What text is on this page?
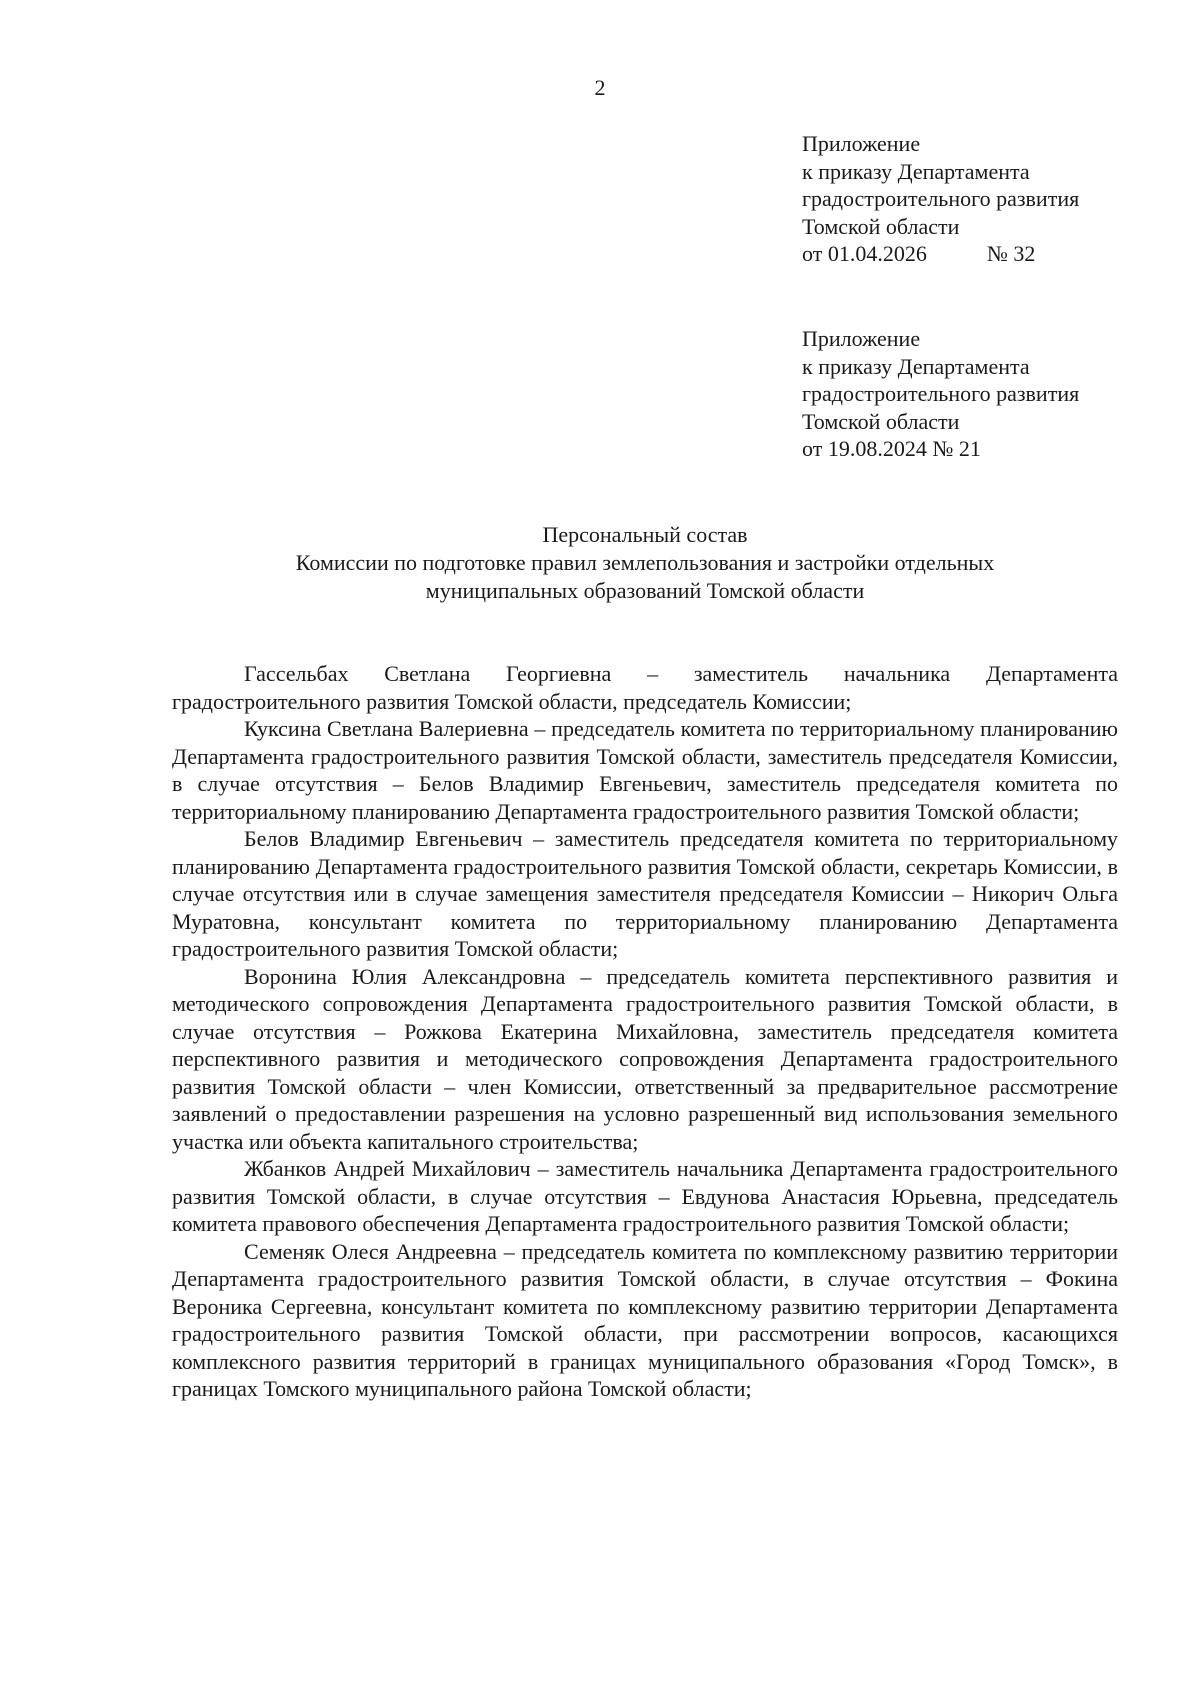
2
Приложение
к приказу Департамента
градостроительного развития
Томской области
от 01.04.2026	№ 32
Приложение
к приказу Департамента
градостроительного развития
Томской области
от 19.08.2024 № 21
Персональный состав
Комиссии по подготовке правил землепользования и застройки отдельных
муниципальных образований Томской области

Гассельбах Светлана Георгиевна – заместитель начальника Департамента градостроительного развития Томской области, председатель Комиссии;

Куксина Светлана Валериевна – председатель комитета по территориальному планированию Департамента градостроительного развития Томской области, заместитель председателя Комиссии, в случае отсутствия – Белов Владимир Евгеньевич, заместитель председателя комитета по территориальному планированию Департамента градостроительного развития Томской области;

Белов Владимир Евгеньевич – заместитель председателя комитета по территориальному планированию Департамента градостроительного развития Томской области, секретарь Комиссии, в случае отсутствия или в случае замещения заместителя председателя Комиссии – Никорич Ольга Муратовна, консультант комитета по территориальному планированию Департамента градостроительного развития Томской области;

Воронина Юлия Александровна – председатель комитета перспективного развития и методического сопровождения Департамента градостроительного развития Томской области, в случае отсутствия – Рожкова Екатерина Михайловна, заместитель председателя комитета перспективного развития и методического сопровождения Департамента градостроительного развития Томской области – член Комиссии, ответственный за предварительное рассмотрение заявлений о предоставлении разрешения на условно разрешенный вид использования земельного участка или объекта капитального строительства;

Жбанков Андрей Михайлович – заместитель начальника Департамента градостроительного развития Томской области, в случае отсутствия – Евдунова Анастасия Юрьевна, председатель комитета правового обеспечения Департамента градостроительного развития Томской области;

Семеняк Олеся Андреевна – председатель комитета по комплексному развитию территории Департамента градостроительного развития Томской области, в случае отсутствия – Фокина Вероника Сергеевна, консультант комитета по комплексному развитию территории Департамента градостроительного развития Томской области, при рассмотрении вопросов, касающихся комплексного развития территорий в границах муниципального образования «Город Томск», в границах Томского муниципального района Томской области;
